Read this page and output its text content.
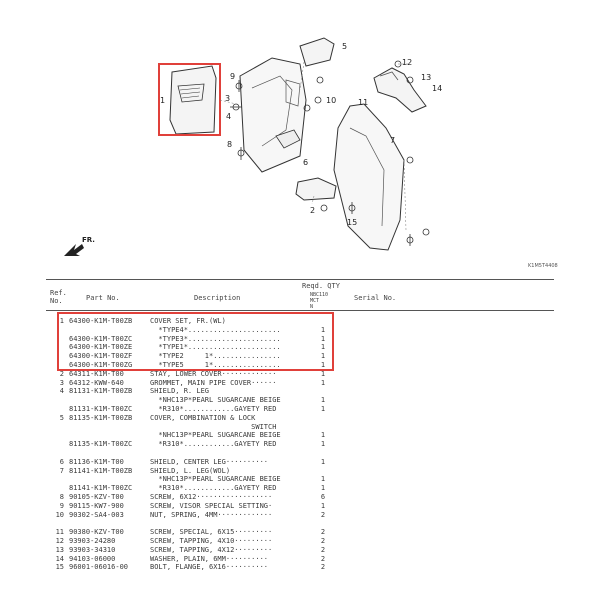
1
2
3
4
5
6
7
8
9
10	11
12
13
15
14
FR.
K1M5T4408
Ref.
No.	Part No.	Description
Reqd. QTY
NBC110
MCT
N
Serial No.
1 64300-K1M-T00ZB	COVER SET, FR.(WL)
*TYPE4*......................	1
64300-K1M-T00ZC	*TYPE3*......................	1
64300-K1M-T00ZE	*TYPE1*......................	1
64300-K1M-T00ZF	*TYPE2     1*................	1
64300-K1M-T00ZG	*TYPE5     1*................	1
2 64311-K1M-T00	STAY, LOWER COVER·············	1
3 64312-KWW-640	GROMMET, MAIN PIPE COVER······	1
4 81131-K1M-T00ZB	SHIELD, R. LEG
*NHC13P*PEARL SUGARCANE BEIGE	1
81131-K1M-T00ZC	*R310*............GAYETY RED	1
5 81135-K1M-T00ZB	COVER, COMBINATION & LOCK
SWITCH
*NHC13P*PEARL SUGARCANE BEIGE	1
81135-K1M-T00ZC	*R310*............GAYETY RED	1
6 81136-K1M-T00	SHIELD, CENTER LEG··········	1
7 81141-K1M-T00ZB	SHIELD, L. LEG(WOL)
*NHC13P*PEARL SUGARCANE BEIGE	1
81141-K1M-T00ZC	*R310*............GAYETY RED	1
8 90105-KZV-T00	SCREW, 6X12··················	6
9 90115-KW7-900	SCREW, VISOR SPECIAL SETTING·	1
10 90302-SA4-003	NUT, SPRING, 4MM·············	2
11 90380-KZV-T00	SCREW, SPECIAL, 6X15·········	2
12 93903-24280	SCREW, TAPPING, 4X10·········	2
13 93903-34310	SCREW, TAPPING, 4X12·········	2
14 94103-06000	WASHER, PLAIN, 6MM··········	2
15 96001-06016-00	BOLT, FLANGE, 6X16··········	2
